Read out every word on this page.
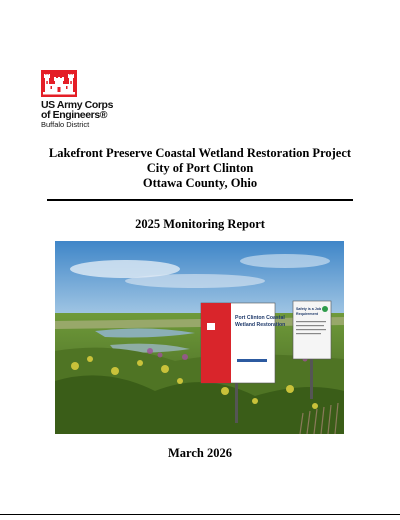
US Army Corps
of Engineers®
Buffalo District
Lakefront Preserve Coastal Wetland Restoration Project
City of Port Clinton
Ottawa County, Ohio
2025 Monitoring Report
Port Clinton Coastal
Wetland Restoration
Safety is a Job
Requirement
March 2026
